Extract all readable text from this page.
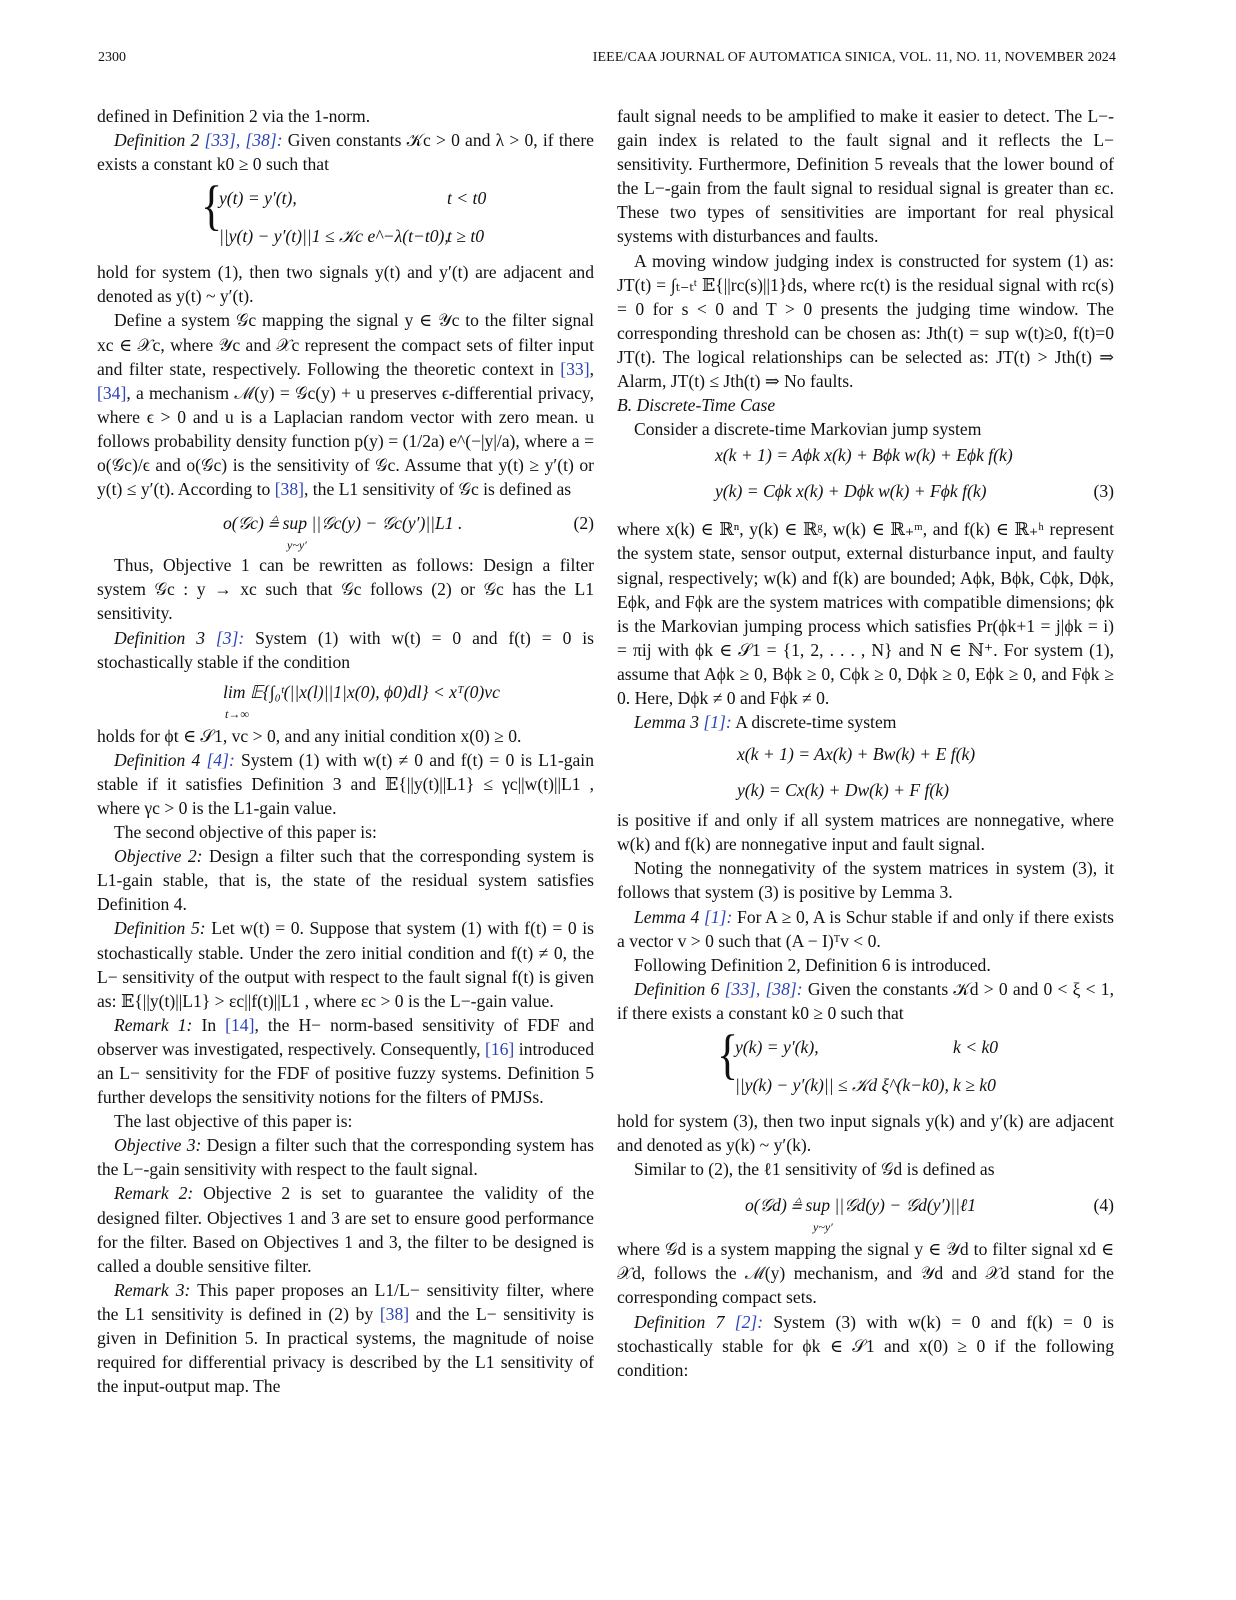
2300	IEEE/CAA JOURNAL OF AUTOMATICA SINICA, VOL. 11, NO. 11, NOVEMBER 2024

defined in Definition 2 via the 1-norm.

Definition 2 [33], [38]: Given constants 𝒦c > 0 and λ > 0, if there exists a constant k0 ≥ 0 such that

{
y(t) = y′(t),	t < t0
||y(t) − y′(t)||1 ≤ 𝒦c e^−λ(t−t0),
t ≥ t0

hold for system (1), then two signals y(t) and y′(t) are adjacent and denoted as y(t) ~ y′(t).

Define a system 𝒢c mapping the signal y ∈ 𝒴c to the filter signal xc ∈ 𝒳c, where 𝒴c and 𝒳c represent the compact sets of filter input and filter state, respectively. Following the theoretic context in [33], [34], a mechanism ℳ(y) = 𝒢c(y) + u preserves ϵ-differential privacy, where ϵ > 0 and u is a Laplacian random vector with zero mean. u follows probability density function p(y) = (1/2a) e^(−|y|/a), where a = o(𝒢c)/ϵ and o(𝒢c) is the sensitivity of 𝒢c. Assume that y(t) ≥ y′(t) or y(t) ≤ y′(t). According to [38], the L1 sensitivity of 𝒢c is defined as

o(𝒢c) ≜ sup ||𝒢c(y) − 𝒢c(y′)||L1 .
y~y′
(2)

Thus, Objective 1 can be rewritten as follows: Design a filter system 𝒢c : y → xc such that 𝒢c follows (2) or 𝒢c has the L1 sensitivity.

Definition 3 [3]: System (1) with w(t) = 0 and f(t) = 0 is stochastically stable if the condition

lim 𝔼{∫₀ᵗ(||x(l)||1|x(0), ϕ0)dl} < xᵀ(0)vc
t→∞

holds for ϕt ∈ 𝒮1, vc > 0, and any initial condition x(0) ≥ 0.

Definition 4 [4]: System (1) with w(t) ≠ 0 and f(t) = 0 is L1-gain stable if it satisfies Definition 3 and 𝔼{||y(t)||L1} ≤ γc||w(t)||L1 , where γc > 0 is the L1-gain value.

The second objective of this paper is:

Objective 2: Design a filter such that the corresponding system is L1-gain stable, that is, the state of the residual system satisfies Definition 4.

Definition 5: Let w(t) = 0. Suppose that system (1) with f(t) = 0 is stochastically stable. Under the zero initial condition and f(t) ≠ 0, the L− sensitivity of the output with respect to the fault signal f(t) is given as: 𝔼{||y(t)||L1} > εc||f(t)||L1 , where εc > 0 is the L−-gain value.

Remark 1: In [14], the H− norm-based sensitivity of FDF and observer was investigated, respectively. Consequently, [16] introduced an L− sensitivity for the FDF of positive fuzzy systems. Definition 5 further develops the sensitivity notions for the filters of PMJSs.

The last objective of this paper is:

Objective 3: Design a filter such that the corresponding system has the L−-gain sensitivity with respect to the fault signal.

Remark 2: Objective 2 is set to guarantee the validity of the designed filter. Objectives 1 and 3 are set to ensure good performance for the filter. Based on Objectives 1 and 3, the filter to be designed is called a double sensitive filter.

Remark 3: This paper proposes an L1/L− sensitivity filter, where the L1 sensitivity is defined in (2) by [38] and the L− sensitivity is given in Definition 5. In practical systems, the magnitude of noise required for differential privacy is described by the L1 sensitivity of the input-output map. The

fault signal needs to be amplified to make it easier to detect. The L−-gain index is related to the fault signal and it reflects the L− sensitivity. Furthermore, Definition 5 reveals that the lower bound of the L−-gain from the fault signal to residual signal is greater than εc. These two types of sensitivities are important for real physical systems with disturbances and faults.

A moving window judging index is constructed for system (1) as: JT(t) = ∫ₜ₋ₜᵗ 𝔼{||rc(s)||1}ds, where rc(t) is the residual signal with rc(s) = 0 for s < 0 and T > 0 presents the judging time window. The corresponding threshold can be chosen as: Jth(t) = sup w(t)≥0, f(t)=0 JT(t). The logical relationships can be selected as: JT(t) > Jth(t) ⇒ Alarm, JT(t) ≤ Jth(t) ⇒ No faults.

B. Discrete-Time Case

Consider a discrete-time Markovian jump system

x(k + 1) = Aϕk x(k) + Bϕk w(k) + Eϕk f(k)
y(k) = Cϕk x(k) + Dϕk w(k) + Fϕk f(k)	(3)

where x(k) ∈ ℝⁿ, y(k) ∈ ℝᵍ, w(k) ∈ ℝ₊ᵐ, and f(k) ∈ ℝ₊ʰ represent the system state, sensor output, external disturbance input, and faulty signal, respectively; w(k) and f(k) are bounded; Aϕk, Bϕk, Cϕk, Dϕk, Eϕk, and Fϕk are the system matrices with compatible dimensions; ϕk is the Markovian jumping process which satisfies Pr(ϕk+1 = j|ϕk = i) = πij with ϕk ∈ 𝒮1 = {1, 2, . . . , N} and N ∈ ℕ⁺. For system (1), assume that Aϕk ≥ 0, Bϕk ≥ 0, Cϕk ≥ 0, Dϕk ≥ 0, Eϕk ≥ 0, and Fϕk ≥ 0. Here, Dϕk ≠ 0 and Fϕk ≠ 0.

Lemma 3 [1]: A discrete-time system

x(k + 1) = Ax(k) + Bw(k) + E f(k)
y(k) = Cx(k) + Dw(k) + F f(k)

is positive if and only if all system matrices are nonnegative, where w(k) and f(k) are nonnegative input and fault signal.

Noting the nonnegativity of the system matrices in system (3), it follows that system (3) is positive by Lemma 3.

Lemma 4 [1]: For A ≥ 0, A is Schur stable if and only if there exists a vector v > 0 such that (A − I)ᵀv < 0.

Following Definition 2, Definition 6 is introduced.

Definition 6 [33], [38]: Given the constants 𝒦d > 0 and 0 < ξ < 1, if there exists a constant k0 ≥ 0 such that

{
y(k) = y′(k),	k < k0
||y(k) − y′(k)|| ≤ 𝒦d ξ^(k−k0), k ≥ k0

hold for system (3), then two input signals y(k) and y′(k) are adjacent and denoted as y(k) ~ y′(k).

Similar to (2), the ℓ1 sensitivity of 𝒢d is defined as

o(𝒢d) ≜ sup ||𝒢d(y) − 𝒢d(y′)||ℓ1
y~y′
(4)

where 𝒢d is a system mapping the signal y ∈ 𝒴d to filter signal xd ∈ 𝒳d, follows the ℳ(y) mechanism, and 𝒴d and 𝒳d stand for the corresponding compact sets.

Definition 7 [2]: System (3) with w(k) = 0 and f(k) = 0 is stochastically stable for ϕk ∈ 𝒮1 and x(0) ≥ 0 if the following condition:
